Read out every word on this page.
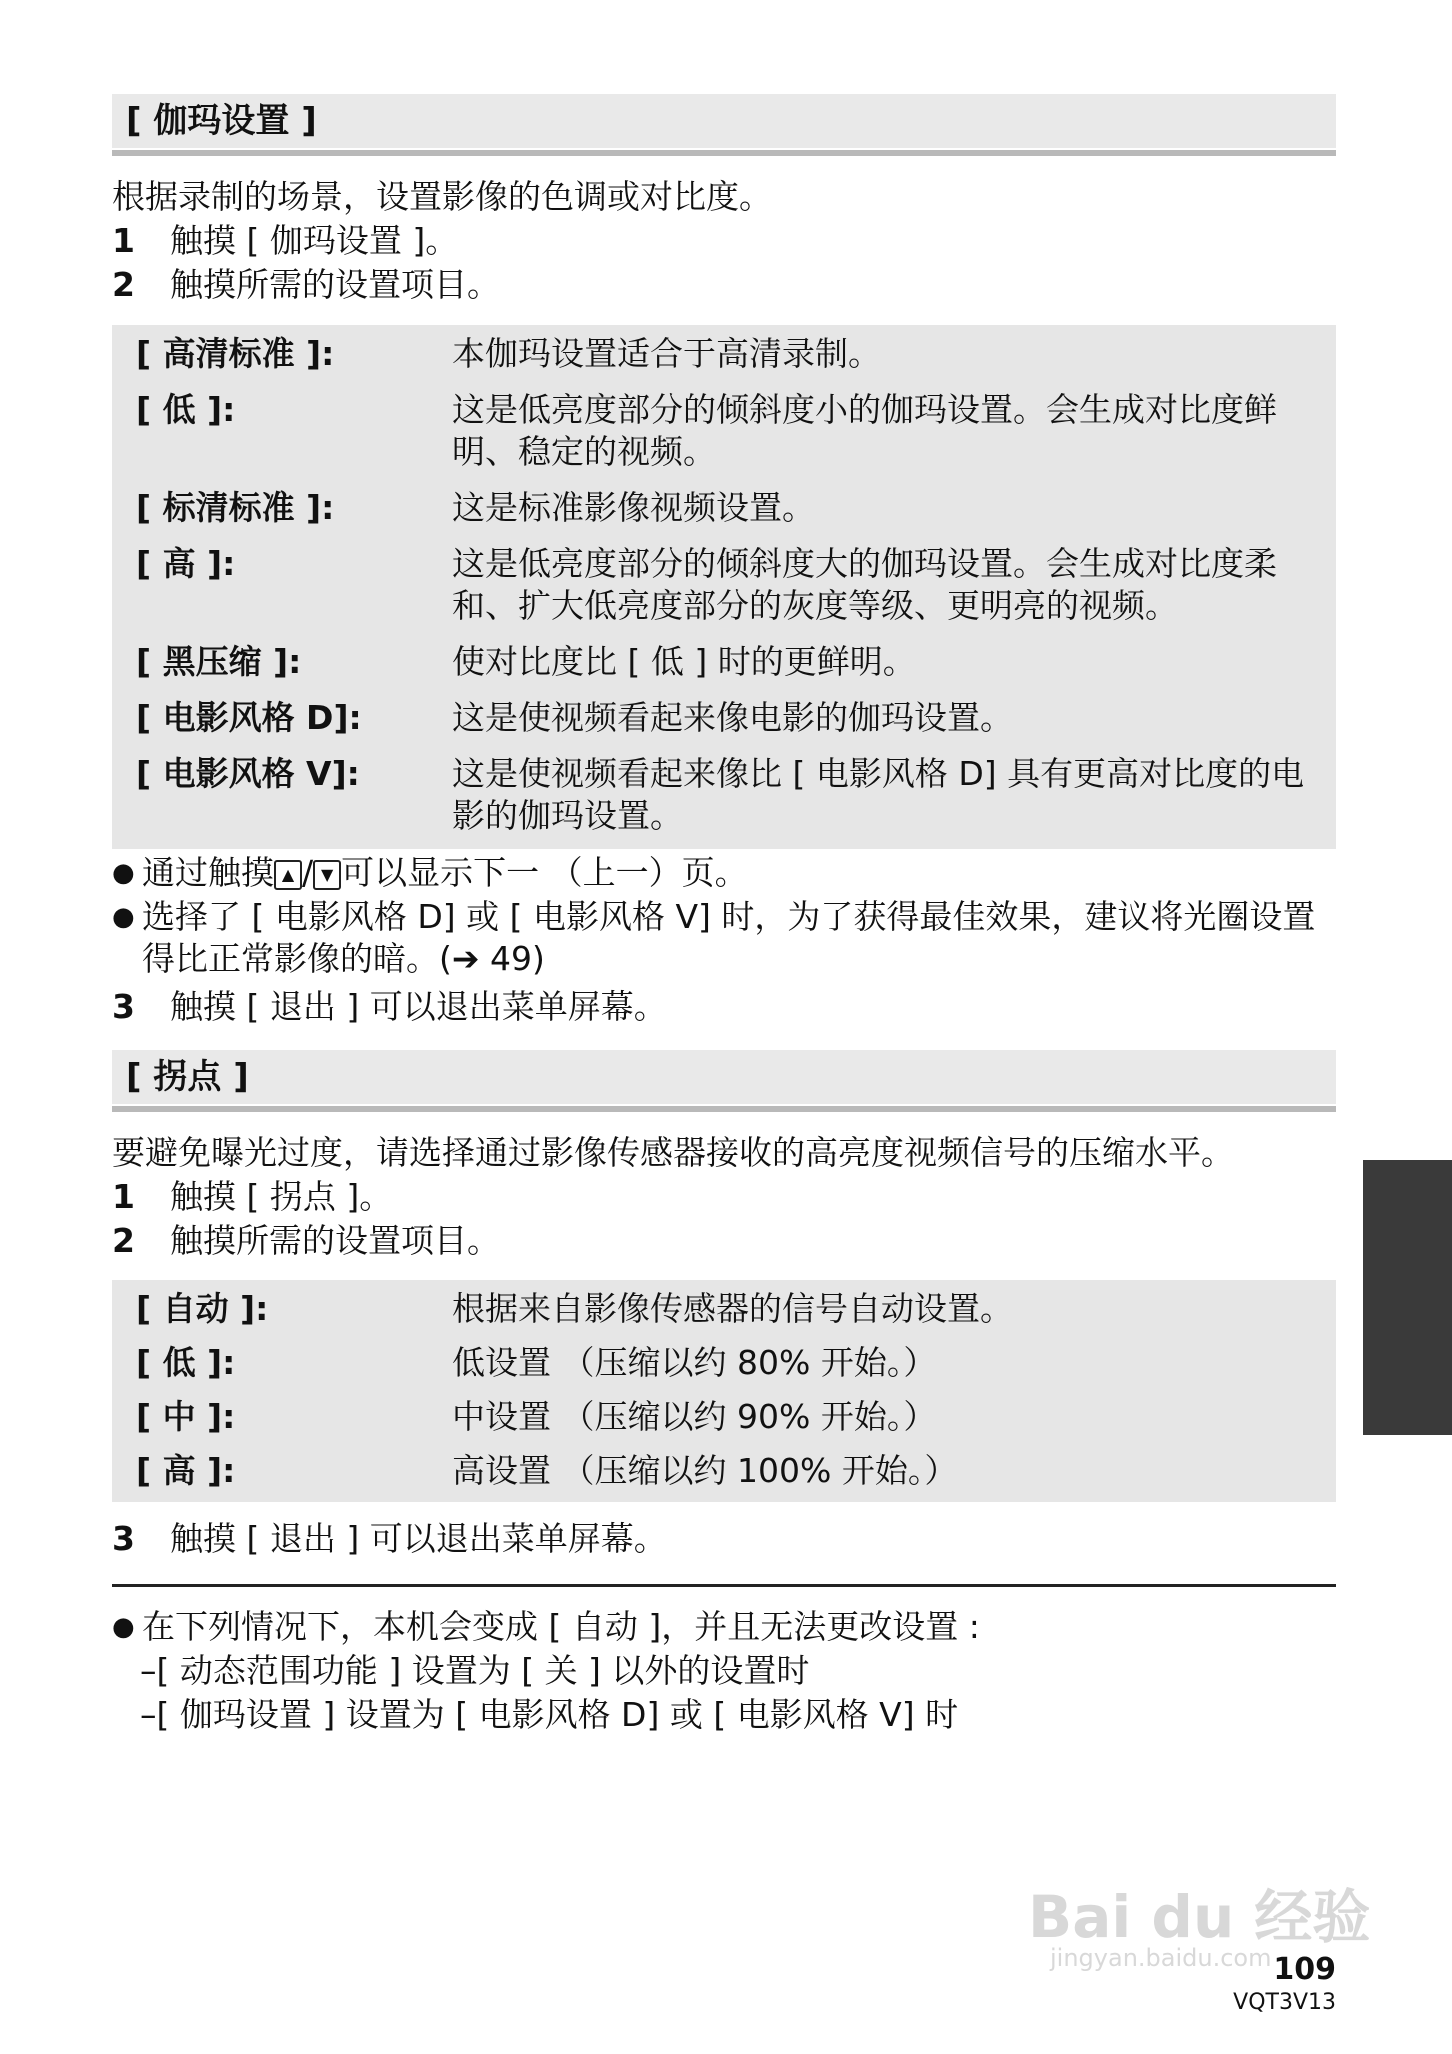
[ 伽玛设置 ]
根据录制的场景，设置影像的色调或对比度。
1 触摸 [ 伽玛设置 ]。
2 触摸所需的设置项目。
[ 高清标准 ]:	本伽玛设置适合于高清录制。
[ 低 ]:	这是低亮度部分的倾斜度小的伽玛设置。会生成对比度鲜明、稳定的视频。
[ 标清标准 ]:	这是标准影像视频设置。
[ 高 ]:	这是低亮度部分的倾斜度大的伽玛设置。会生成对比度柔和、扩大低亮度部分的灰度等级、更明亮的视频。
[ 黑压缩 ]:	使对比度比 [ 低 ] 时的更鲜明。
[ 电影风格 D]:	这是使视频看起来像电影的伽玛设置。
[ 电影风格 V]:	这是使视频看起来像比 [ 电影风格 D] 具有更高对比度的电影的伽玛设置。
● 通过触摸 ▲ / ▼ 可以显示下一 （上一）页。
● 选择了 [ 电影风格 D] 或 [ 电影风格 V] 时，为了获得最佳效果，建议将光圈设置得比正常影像的暗。(➔ 49)
3 触摸 [ 退出 ] 可以退出菜单屏幕。
[ 拐点 ]
要避免曝光过度，请选择通过影像传感器接收的高亮度视频信号的压缩水平。
1 触摸 [ 拐点 ]。
2 触摸所需的设置项目。
[ 自动 ]:	根据来自影像传感器的信号自动设置。
[ 低 ]:	低设置 （压缩以约 80% 开始。）
[ 中 ]:	中设置 （压缩以约 90% 开始。）
[ 高 ]:	高设置 （压缩以约 100% 开始。）
3 触摸 [ 退出 ] 可以退出菜单屏幕。
● 在下列情况下，本机会变成 [ 自动 ]，并且无法更改设置 :
–[ 动态范围功能 ] 设置为 [ 关 ] 以外的设置时
–[ 伽玛设置 ] 设置为 [ 电影风格 D] 或 [ 电影风格 V] 时
Bai du 经验
jingyan.baidu.com 109
VQT3V13
